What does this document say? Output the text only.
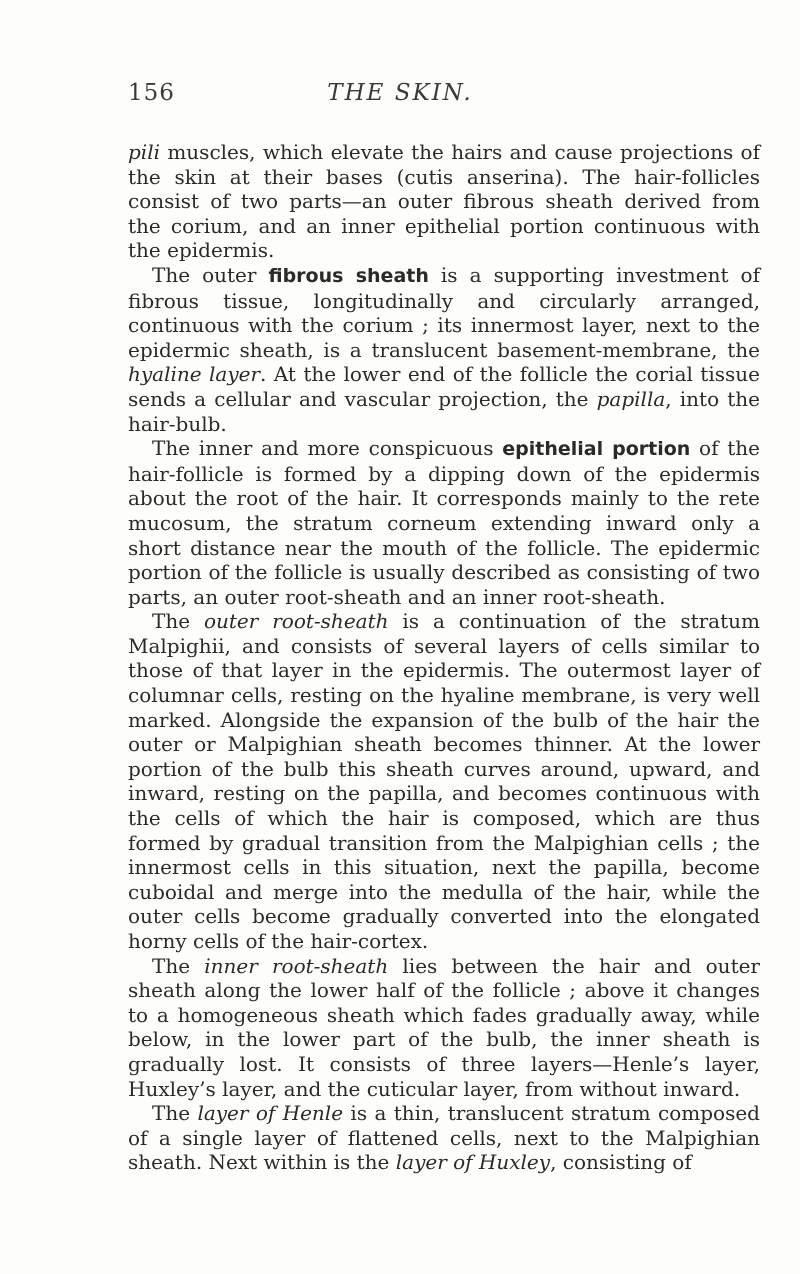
156	THE SKIN.

pili muscles, which elevate the hairs and cause projections of the skin at their bases (cutis anserina). The hair-follicles consist of two parts—an outer fibrous sheath derived from the corium, and an inner epithelial portion continuous with the epidermis.

The outer fibrous sheath is a supporting investment of fibrous tissue, longitudinally and circularly arranged, continuous with the corium ; its innermost layer, next to the epidermic sheath, is a translucent basement-membrane, the hyaline layer. At the lower end of the follicle the corial tissue sends a cellular and vascular projection, the papilla, into the hair-bulb.

The inner and more conspicuous epithelial portion of the hair-follicle is formed by a dipping down of the epidermis about the root of the hair. It corresponds mainly to the rete mucosum, the stratum corneum extending inward only a short distance near the mouth of the follicle. The epidermic portion of the follicle is usually described as consisting of two parts, an outer root-sheath and an inner root-sheath.

The outer root-sheath is a continuation of the stratum Malpighii, and consists of several layers of cells similar to those of that layer in the epidermis. The outermost layer of columnar cells, resting on the hyaline membrane, is very well marked. Alongside the expansion of the bulb of the hair the outer or Malpighian sheath becomes thinner. At the lower portion of the bulb this sheath curves around, upward, and inward, resting on the papilla, and becomes continuous with the cells of which the hair is composed, which are thus formed by gradual transition from the Malpighian cells ; the innermost cells in this situation, next the papilla, become cuboidal and merge into the medulla of the hair, while the outer cells become gradually converted into the elongated horny cells of the hair-cortex.

The inner root-sheath lies between the hair and outer sheath along the lower half of the follicle ; above it changes to a homogeneous sheath which fades gradually away, while below, in the lower part of the bulb, the inner sheath is gradually lost. It consists of three layers—Henle’s layer, Huxley’s layer, and the cuticular layer, from without inward.

The layer of Henle is a thin, translucent stratum composed of a single layer of flattened cells, next to the Malpighian sheath. Next within is the layer of Huxley, consisting of
